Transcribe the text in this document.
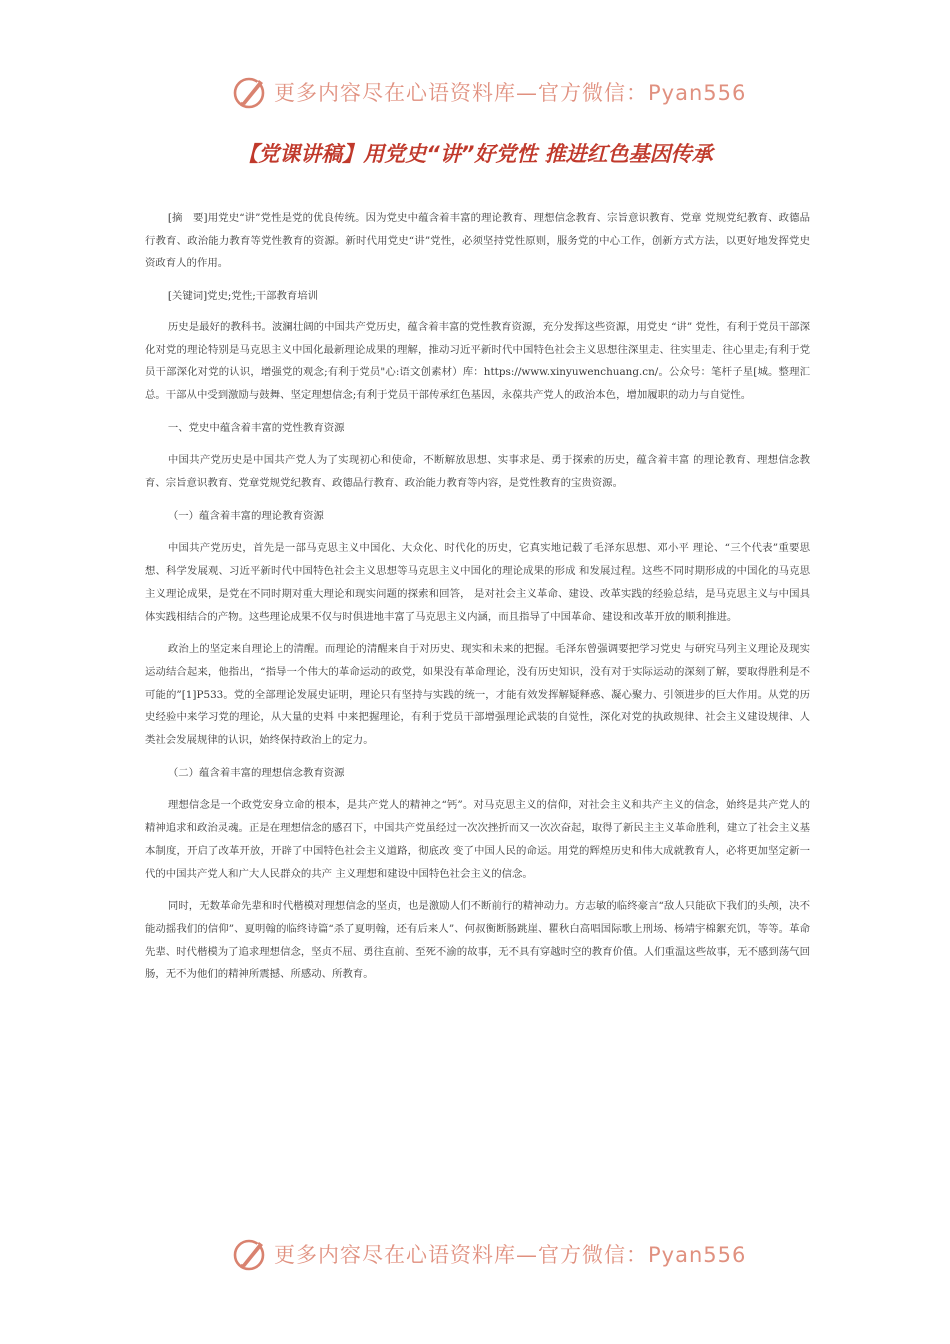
更多内容尽在心语资料库—官方微信：Pyan556
【党课讲稿】用党史“讲”好党性 推进红色基因传承

[摘　要]用党史“讲”党性是党的优良传统。因为党史中蕴含着丰富的理论教育、理想信念教育、宗旨意识教育、党章 党规党纪教育、政德品行教育、政治能力教育等党性教育的资源。新时代用党史“讲”党性，必须坚持党性原则，服务党的中心工作，创新方式方法，以更好地发挥党史资政育人的作用。

[关键词]党史;党性;干部教育培训

历史是最好的教科书。波澜壮阔的中国共产党历史，蕴含着丰富的党性教育资源，充分发挥这些资源，用党史 “讲” 党性，有利于党员干部深化对党的理论特别是马克思主义中国化最新理论成果的理解，推动习近平新时代中国特色社会主义思想往深里走、往实里走、往心里走;有利于党员干部深化对党的认识，增强党的观念;有利于党员"心:语文创素材）库：https://www.xinyuwenchuang.cn/。公众号：笔杆子星[城。整理汇总。干部从中受到激励与鼓舞、坚定理想信念;有利于党员干部传承红色基因，永葆共产党人的政治本色，增加履职的动力与自觉性。

一、党史中蕴含着丰富的党性教育资源

中国共产党历史是中国共产党人为了实现初心和使命，不断解放思想、实事求是、勇于探索的历史，蕴含着丰富 的理论教育、理想信念教育、宗旨意识教育、党章党规党纪教育、政德品行教育、政治能力教育等内容，是党性教育的宝贵资源。

（一）蕴含着丰富的理论教育资源

中国共产党历史，首先是一部马克思主义中国化、大众化、时代化的历史，它真实地记载了毛泽东思想、邓小平 理论、“三个代表”重要思想、科学发展观、习近平新时代中国特色社会主义思想等马克思主义中国化的理论成果的形成 和发展过程。这些不同时期形成的中国化的马克思主义理论成果，是党在不同时期对重大理论和现实问题的探索和回答， 是对社会主义革命、建设、改革实践的经验总结，是马克思主义与中国具体实践相结合的产物。这些理论成果不仅与时俱进地丰富了马克思主义内涵，而且指导了中国革命、建设和改革开放的顺利推进。

政治上的坚定来自理论上的清醒。而理论的清醒来自于对历史、现实和未来的把握。毛泽东曾强调要把学习党史 与研究马列主义理论及现实运动结合起来，他指出，“指导一个伟大的革命运动的政党，如果没有革命理论，没有历史知识，没有对于实际运动的深刻了解，要取得胜利是不可能的”[1]P533。党的全部理论发展史证明，理论只有坚持与实践的统一，才能有效发挥解疑释惑、凝心聚力、引领进步的巨大作用。从党的历史经验中来学习党的理论，从大量的史料 中来把握理论，有利于党员干部增强理论武装的自觉性，深化对党的执政规律、社会主义建设规律、人类社会发展规律的认识，始终保持政治上的定力。

（二）蕴含着丰富的理想信念教育资源

理想信念是一个政党安身立命的根本，是共产党人的精神之“钙”。对马克思主义的信仰，对社会主义和共产主义的信念，始终是共产党人的精神追求和政治灵魂。正是在理想信念的感召下，中国共产党虽经过一次次挫折而又一次次奋起，取得了新民主主义革命胜利，建立了社会主义基本制度，开启了改革开放，开辟了中国特色社会主义道路，彻底改 变了中国人民的命运。用党的辉煌历史和伟大成就教育人，必将更加坚定新一代的中国共产党人和广大人民群众的共产 主义理想和建设中国特色社会主义的信念。

同时，无数革命先辈和时代楷模对理想信念的坚贞，也是激励人们不断前行的精神动力。方志敏的临终豪言“敌人只能砍下我们的头颅，决不能动摇我们的信仰”、夏明翰的临终诗篇“杀了夏明翰，还有后来人”、何叔衡断肠跳崖、瞿秋白高唱国际歌上刑场、杨靖宇棉絮充饥，等等。革命先辈、时代楷模为了追求理想信念，坚贞不屈、勇往直前、至死不渝的故事，无不具有穿越时空的教育价值。人们重温这些故事，无不感到荡气回肠，无不为他们的精神所震撼、所感动、所教育。

更多内容尽在心语资料库—官方微信：Pyan556
